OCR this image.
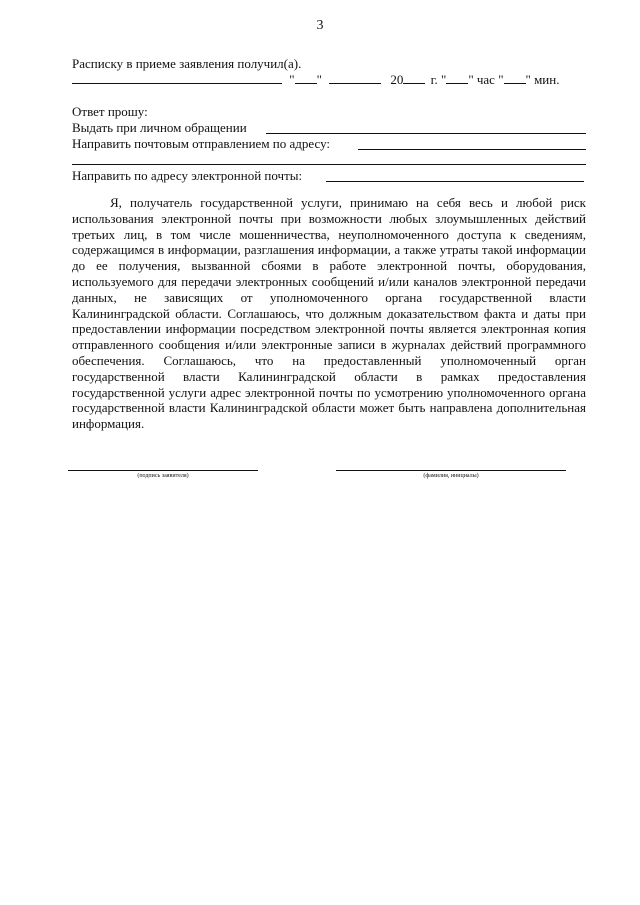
3
Расписку в приеме заявления получил(а).
" "	20 г. " " час " " мин.
Ответ прошу:
Выдать при личном обращении
Направить почтовым отправлением по адресу:
Направить по адресу электронной почты:

Я, получатель государственной услуги, принимаю на себя весь и любой риск использования электронной почты при возможности любых злоумышленных действий третьих лиц, в том числе мошенничества, неуполномоченного доступа к сведениям, содержащимся в информации, разглашения информации, а также утраты такой информации до ее получения, вызванной сбоями в работе электронной почты, оборудования, используемого для передачи электронных сообщений и/или каналов электронной передачи данных, не зависящих от уполномоченного органа государственной власти Калининградской области. Соглашаюсь, что должным доказательством факта и даты при предоставлении информации посредством электронной почты является электронная копия отправленного сообщения и/или электронные записи в журналах действий программного обеспечения. Соглашаюсь, что на предоставленный уполномоченный орган государственной власти Калининградской области в рамках предоставления государственной услуги адрес электронной почты по усмотрению уполномоченного органа государственной власти Калининградской области может быть направлена дополнительная информация.

(подпись заявителя)	(фамилия, инициалы)
